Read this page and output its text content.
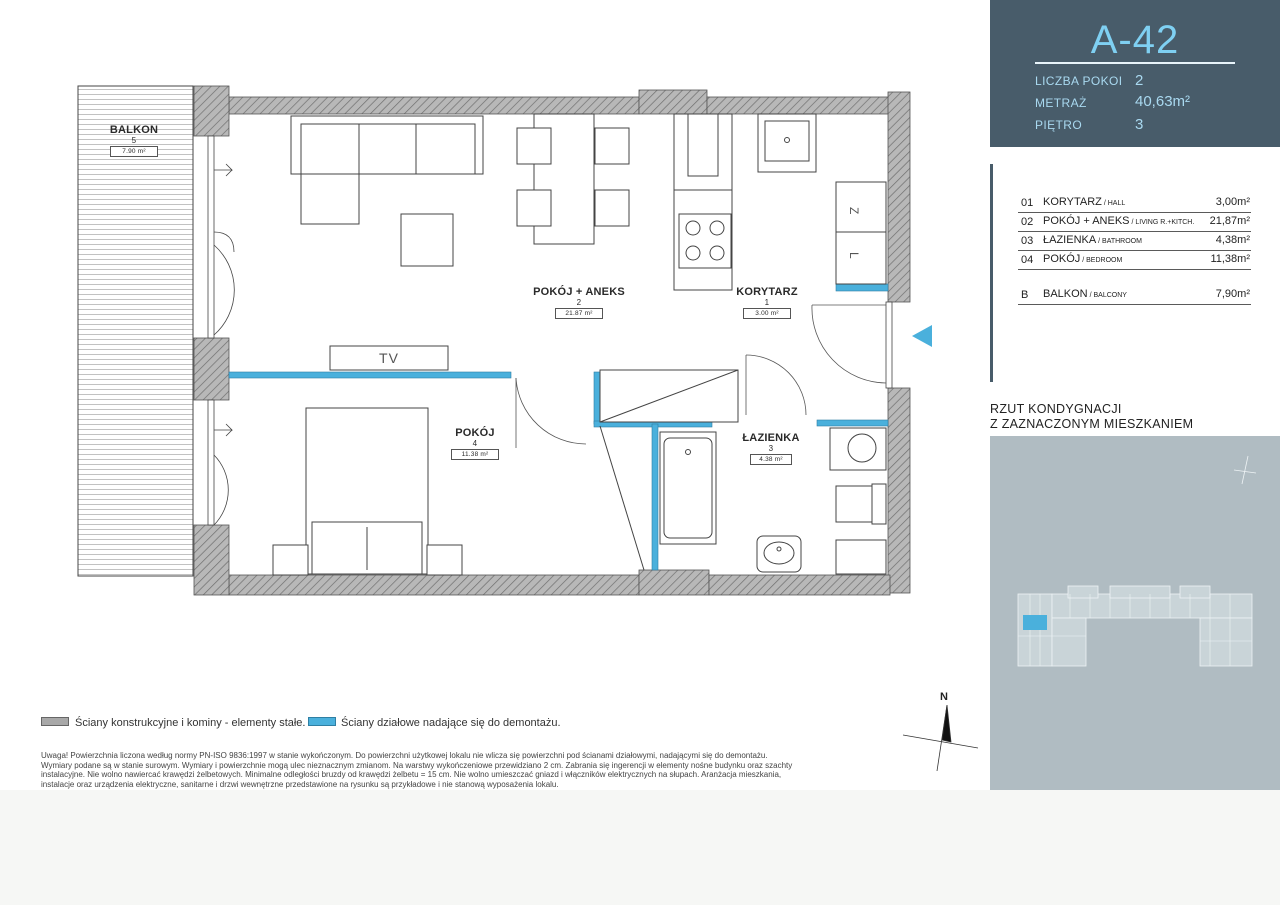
Z
L
BALKON
5
7.90 m²
POKÓJ + ANEKS
2
21.87 m²
KORYTARZ
1
3.00 m²
POKÓJ
4
11.38 m²
ŁAZIENKA
3
4.38 m²
TV
A-42
LICZBA POKOI 2
METRAŻ	40,63m²
PIĘTRO	3
01 KORYTARZ / HALL	3,00m²
02 POKÓJ + ANEKS / LIVING R.+KITCH. 21,87m²
03 ŁAZIENKA / BATHROOM	4,38m²
04 POKÓJ / BEDROOM	11,38m²
B	BALKON / BALCONY	7,90m²
RZUT KONDYGNACJI
Z ZAZNACZONYM MIESZKANIEM
Ściany konstrukcyjne i kominy - elementy stałe.	Ściany działowe nadające się do demontażu.
Uwaga! Powierzchnia liczona według normy PN-ISO 9836:1997 w stanie wykończonym. Do powierzchni użytkowej lokalu nie wlicza się powierzchni pod ścianami działowymi, nadającymi się do demontażu.
Wymiary podane są w stanie surowym. Wymiary i powierzchnie mogą ulec nieznacznym zmianom. Na warstwy wykończeniowe przewidziano 2 cm. Zabrania się ingerencji w elementy nośne budynku oraz szachty
instalacyjne. Nie wolno nawiercać krawędzi żelbetowych. Minimalne odległości bruzdy od krawędzi żelbetu = 15 cm. Nie wolno umieszczać gniazd i włączników elektrycznych na słupach. Aranżacja mieszkania,
instalacje oraz urządzenia elektryczne, sanitarne i drzwi wewnętrzne przedstawione na rysunku są przykładowe i nie stanową wyposażenia lokalu.
N
